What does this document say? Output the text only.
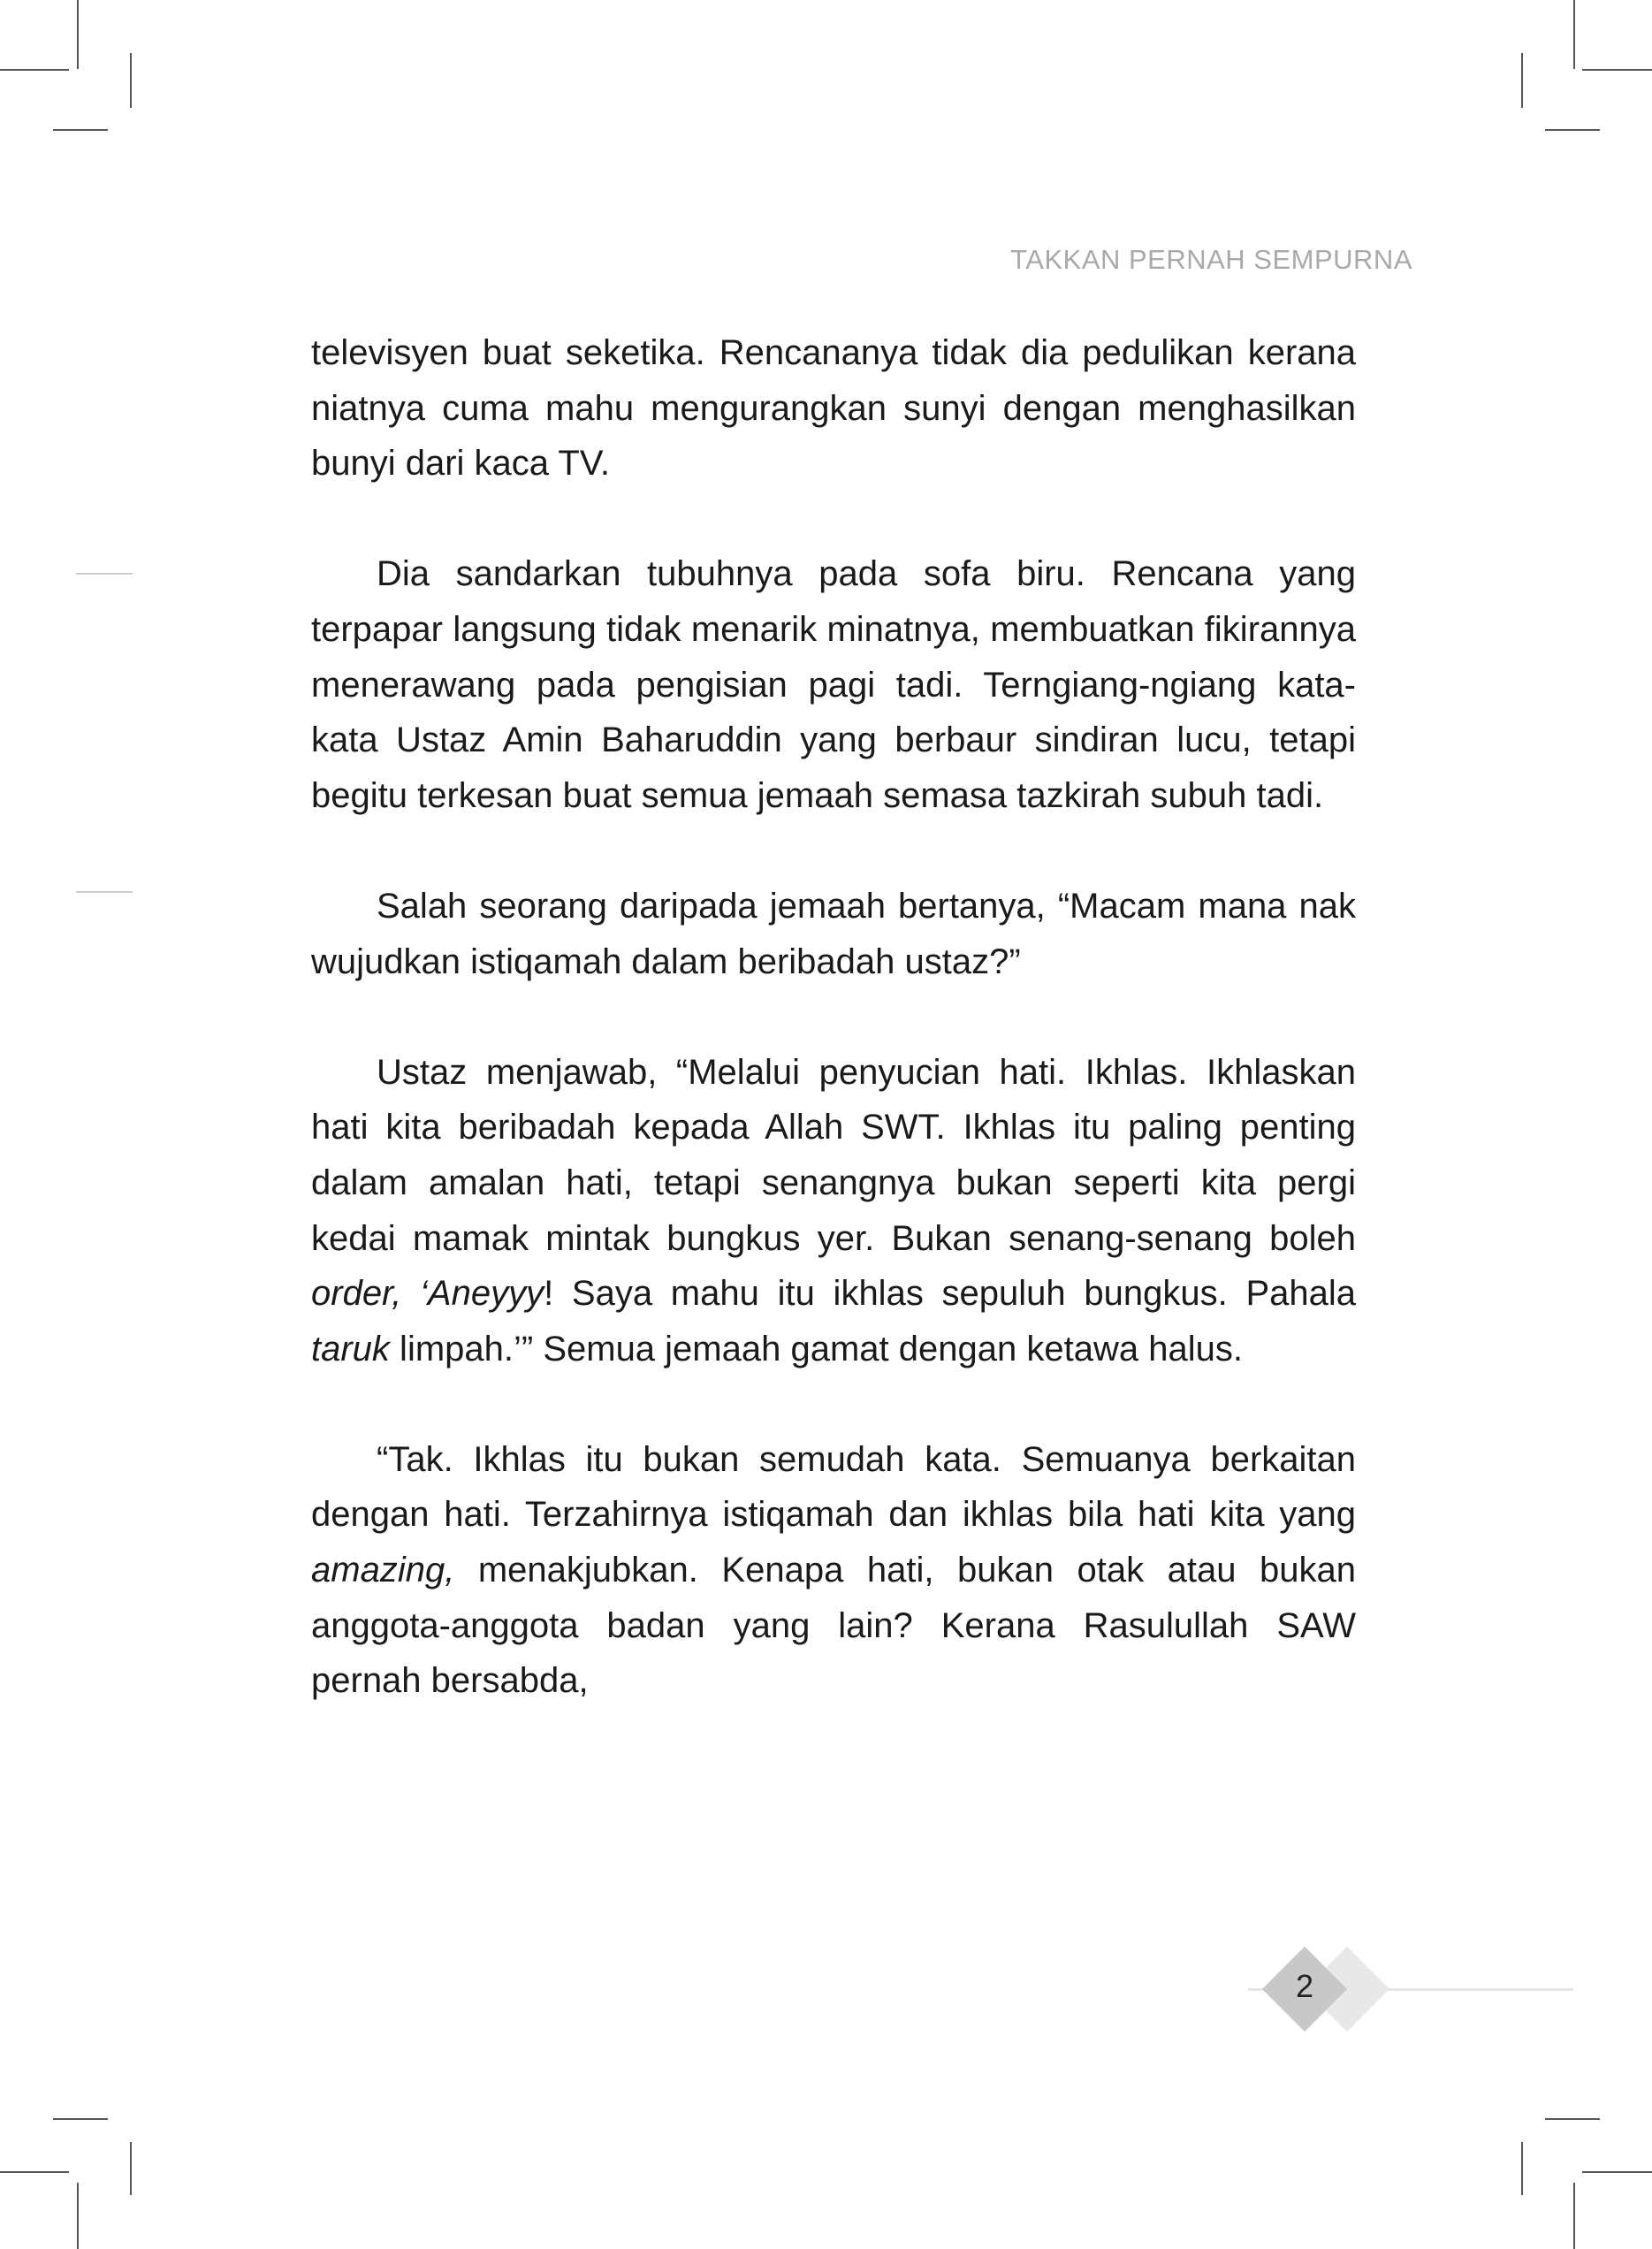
TAKKAN PERNAH SEMPURNA

televisyen buat seketika. Rencananya tidak dia pedulikan kerana niatnya cuma mahu mengurangkan sunyi dengan menghasilkan bunyi dari kaca TV.

Dia sandarkan tubuhnya pada sofa biru. Rencana yang terpapar langsung tidak menarik minatnya, membuatkan fikirannya menerawang pada pengisian pagi tadi. Terngiang-ngiang kata-kata Ustaz Amin Baharuddin yang berbaur sindiran lucu, tetapi begitu terkesan buat semua jemaah semasa tazkirah subuh tadi.

Salah seorang daripada jemaah bertanya, “Macam mana nak wujudkan istiqamah dalam beribadah ustaz?”

Ustaz menjawab, “Melalui penyucian hati. Ikhlas. Ikhlaskan hati kita beribadah kepada Allah SWT. Ikhlas itu paling penting dalam amalan hati, tetapi senangnya bukan seperti kita pergi kedai mamak mintak bungkus yer. Bukan senang-senang boleh order, ‘Aneyyy! Saya mahu itu ikhlas sepuluh bungkus. Pahala taruk limpah.’” Semua jemaah gamat dengan ketawa halus.

“Tak. Ikhlas itu bukan semudah kata. Semuanya berkaitan dengan hati. Terzahirnya istiqamah dan ikhlas bila hati kita yang amazing, menakjubkan. Kenapa hati, bukan otak atau bukan anggota-anggota badan yang lain? Kerana Rasulullah SAW pernah bersabda,

2
